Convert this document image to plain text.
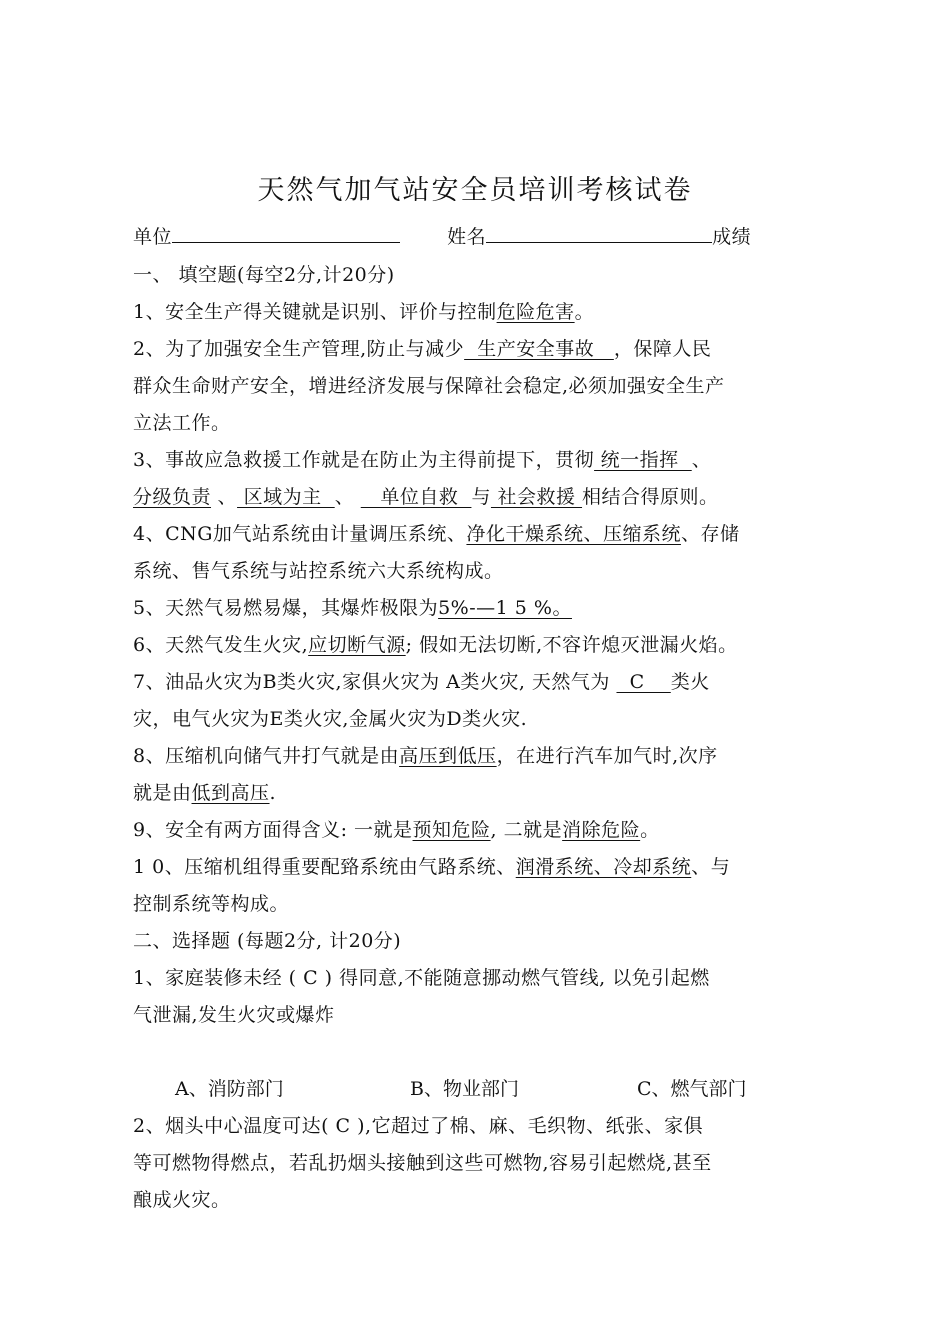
天然气加气站安全员培训考核试卷
单位	姓名	成绩
一、 填空题(每空2分,计20分)
1、安全生产得关键就是识别、评价与控制危险危害。
2、为了加强安全生产管理,防止与减少  生产安全事故   ，保障人民
群众生命财产安全，增进经济发展与保障社会稳定,必须加强安全生产
立法工作。
3、事故应急救援工作就是在防止为主得前提下，贯彻 统一指挥  、
分级负责 、 区域为主  、    单位自救  与 社会救援 相结合得原则。
4、CNG加气站系统由计量调压系统、净化干燥系统、压缩系统、存储
系统、售气系统与站控系统六大系统构成。
5、天然气易燃易爆，其爆炸极限为5%-—1 5 %。
6、天然气发生火灾,应切断气源; 假如无法切断,不容许熄灭泄漏火焰。
7、油品火灾为B类火灾,家俱火灾为 A类火灾, 天然气为   C    类火
灾，电气火灾为E类火灾,金属火灾为D类火灾.
8、压缩机向储气井打气就是由高压到低压，在进行汽车加气时,次序
就是由低到高压.
9、安全有两方面得含义: 一就是预知危险, 二就是消除危险。
1 0、压缩机组得重要配臵系统由气路系统、润滑系统、冷却系统、与
控制系统等构成。
二、选择题 (每题2分, 计20分)
1、家庭装修未经 ( C ) 得同意,不能随意挪动燃气管线, 以免引起燃
气泄漏,发生火灾或爆炸
A、消防部门	B、物业部门	C、燃气部门
2、烟头中心温度可达( C ),它超过了棉、麻、毛织物、纸张、家俱
等可燃物得燃点，若乱扔烟头接触到这些可燃物,容易引起燃烧,甚至
酿成火灾。
